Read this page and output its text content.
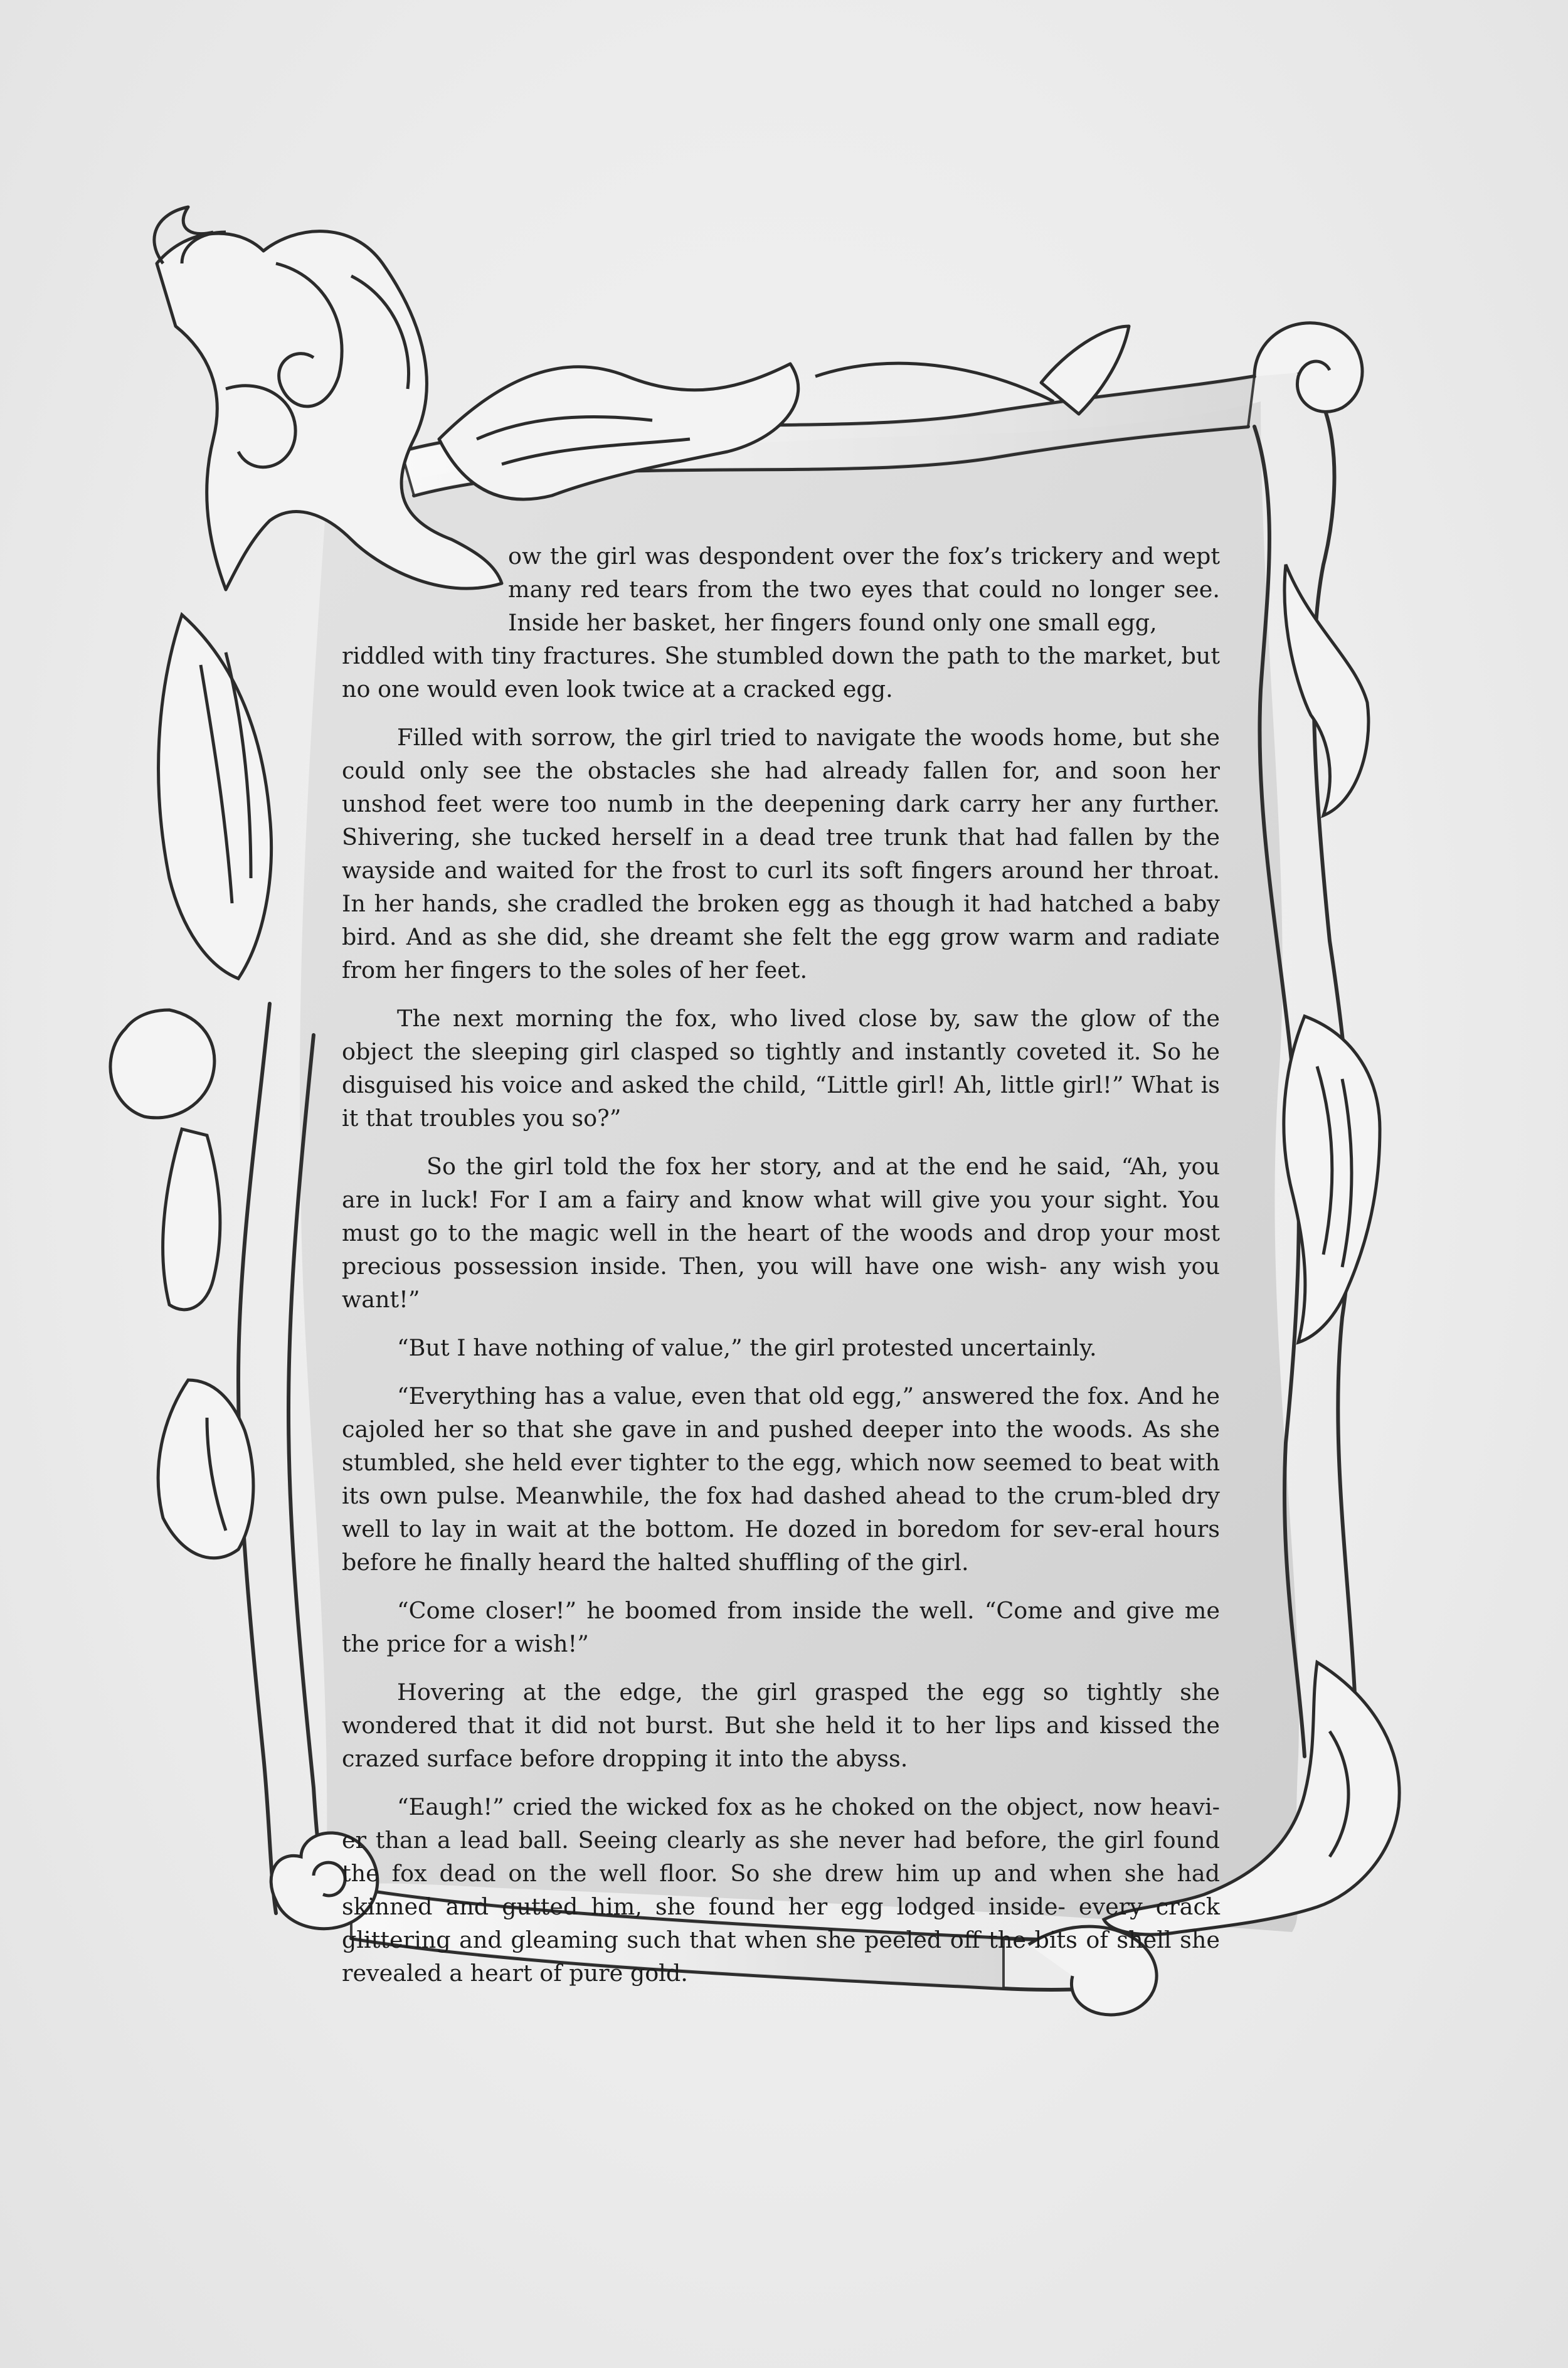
ow the girl was despondent over the fox’s trickery and wept many red tears from the two eyes that could no longer see. Inside her basket, her fingers found only one small egg,
riddled with tiny fractures. She stumbled down the path to the market, but no one would even look twice at a cracked egg.

Filled with sorrow, the girl tried to navigate the woods home, but she could only see the obstacles she had already fallen for, and soon her unshod feet were too numb in the deepening dark carry her any further. Shivering, she tucked herself in a dead tree trunk that had fallen by the wayside and waited for the frost to curl its soft fingers around her throat. In her hands, she cradled the broken egg as though it had hatched a baby bird. And as she did, she dreamt she felt the egg grow warm and radiate from her fingers to the soles of her feet.

The next morning the fox, who lived close by, saw the glow of the object the sleeping girl clasped so tightly and instantly coveted it. So he disguised his voice and asked the child, “Little girl! Ah, little girl!” What is it that troubles you so?”

So the girl told the fox her story, and at the end he said, “Ah, you are in luck! For I am a fairy and know what will give you your sight. You must go to the magic well in the heart of the woods and drop your most precious possession inside. Then, you will have one wish- any wish you want!”

“But I have nothing of value,” the girl protested uncertainly.

“Everything has a value, even that old egg,” answered the fox. And he cajoled her so that she gave in and pushed deeper into the woods. As she stumbled, she held ever tighter to the egg, which now seemed to beat with its own pulse. Meanwhile, the fox had dashed ahead to the crum-bled dry well to lay in wait at the bottom. He dozed in boredom for sev-eral hours before he finally heard the halted shuffling of the girl.

“Come closer!” he boomed from inside the well. “Come and give me the price for a wish!”

Hovering at the edge, the girl grasped the egg so tightly she wondered that it did not burst. But she held it to her lips and kissed the crazed surface before dropping it into the abyss.

“Eaugh!” cried the wicked fox as he choked on the object, now heavi-er than a lead ball. Seeing clearly as she never had before, the girl found the fox dead on the well floor. So she drew him up and when she had skinned and gutted him, she found her egg lodged inside- every crack glittering and gleaming such that when she peeled off the bits of shell she revealed a heart of pure gold.
